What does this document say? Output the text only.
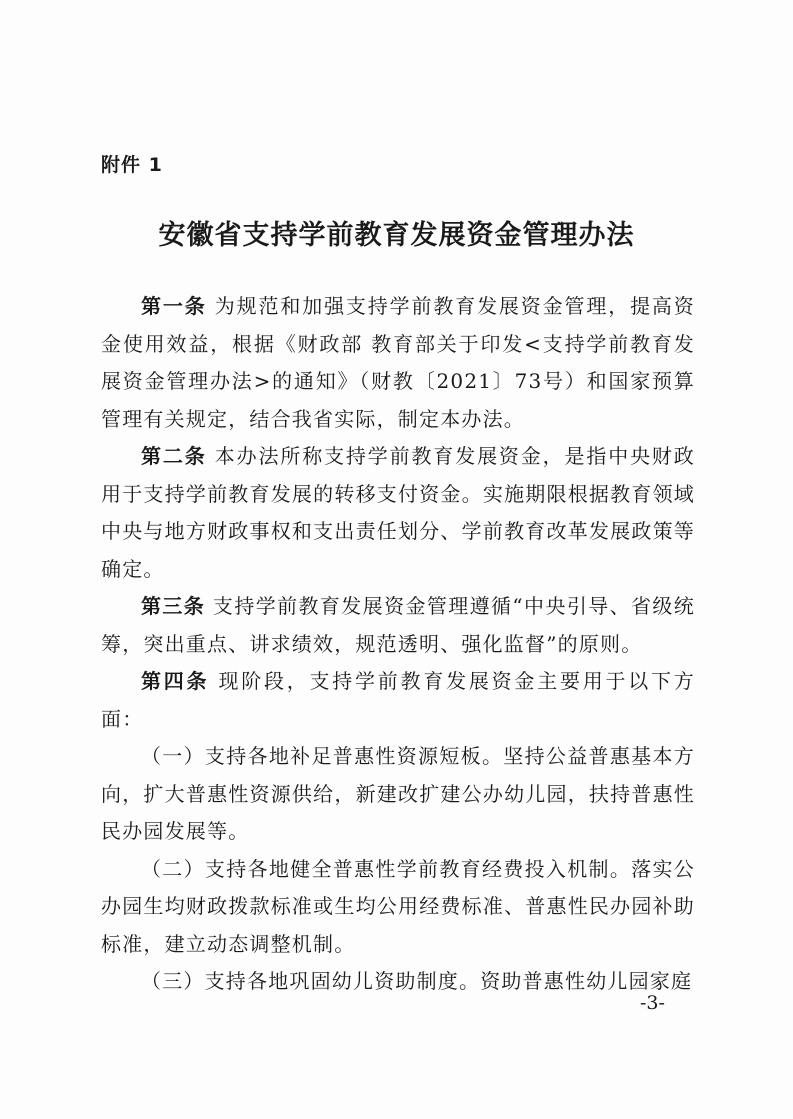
附件 1
安徽省支持学前教育发展资金管理办法

第一条 为规范和加强支持学前教育发展资金管理，提高资金使用效益，根据《财政部 教育部关于印发<支持学前教育发展资金管理办法>的通知》（财教〔2021〕73号）和国家预算管理有关规定，结合我省实际，制定本办法。

第二条 本办法所称支持学前教育发展资金，是指中央财政用于支持学前教育发展的转移支付资金。实施期限根据教育领域中央与地方财政事权和支出责任划分、学前教育改革发展政策等确定。

第三条 支持学前教育发展资金管理遵循“中央引导、省级统筹，突出重点、讲求绩效，规范透明、强化监督”的原则。

第四条 现阶段，支持学前教育发展资金主要用于以下方面：

（一）支持各地补足普惠性资源短板。坚持公益普惠基本方向，扩大普惠性资源供给，新建改扩建公办幼儿园，扶持普惠性民办园发展等。

（二）支持各地健全普惠性学前教育经费投入机制。落实公办园生均财政拨款标准或生均公用经费标准、普惠性民办园补助标准，建立动态调整机制。

（三）支持各地巩固幼儿资助制度。资助普惠性幼儿园家庭

-3-
